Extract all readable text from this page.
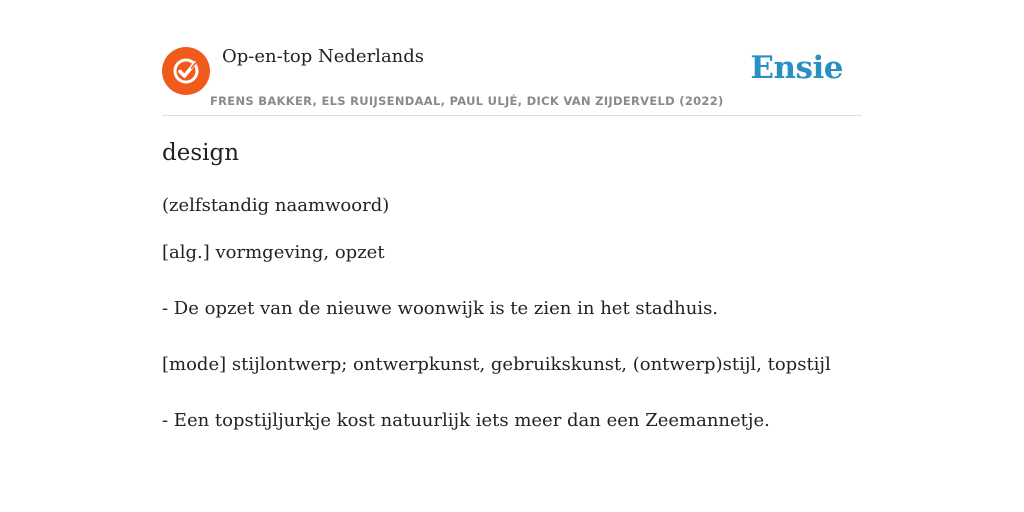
Op-en-top Nederlands
FRENS BAKKER, ELS RUIJSENDAAL, PAUL ULJÉ, DICK VAN ZIJDERVELD (2022)
Ensie
design
(zelfstandig naamwoord)
[alg.] vormgeving, opzet
- De opzet van de nieuwe woonwijk is te zien in het stadhuis.
[mode] stijlontwerp; ontwerpkunst, gebruikskunst, (ontwerp)stijl, topstijl
- Een topstijljurkje kost natuurlijk iets meer dan een Zeemannetje.
